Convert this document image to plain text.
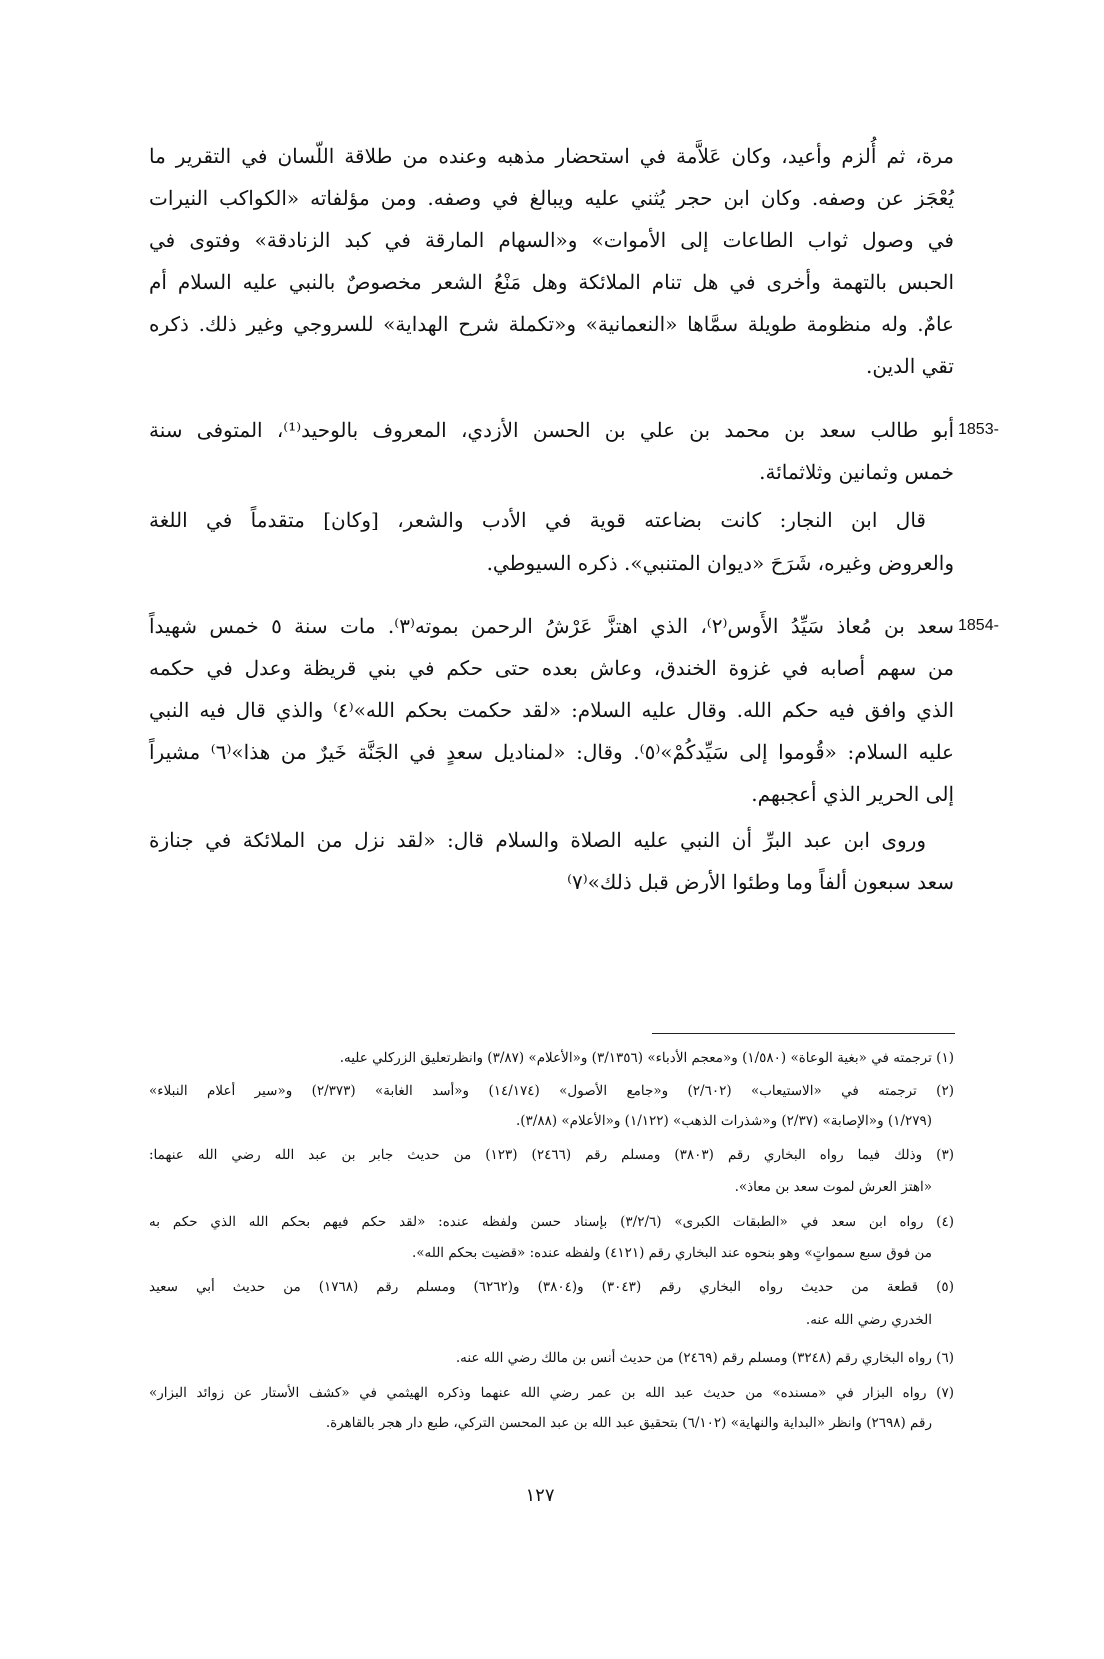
مرة، ثم أُلزم وأعيد، وكان عَلاَّمة في استحضار مذهبه وعنده من طلاقة اللّسان في التقرير ما
يُعْجَز عن وصفه. وكان ابن حجر يُثني عليه ويبالغ في وصفه. ومن مؤلفاته «الكواكب النيرات
في وصول ثواب الطاعات إلى الأموات» و«السهام المارقة في كبد الزنادقة» وفتوى في
الحبس بالتهمة وأخرى في هل تنام الملائكة وهل مَنْعُ الشعر مخصوصٌ بالنبي عليه السلام أم
عامٌ. وله منظومة طويلة سمَّاها «النعمانية» و«تكملة شرح الهداية» للسروجي وغير ذلك. ذكره
تقي الدين.
1853-
أبو طالب سعد بن محمد بن علي بن الحسن الأزدي، المعروف بالوحيد⁽¹⁾، المتوفى سنة
خمس وثمانين وثلاثمائة.
قال ابن النجار: كانت بضاعته قوية في الأدب والشعر، [وكان] متقدماً في اللغة
والعروض وغيره، شَرَحَ «ديوان المتنبي». ذكره السيوطي.
1854-
سعد بن مُعاذ سَيِّدُ الأَوس⁽٢⁾، الذي اهتزَّ عَرْشُ الرحمن بموته⁽٣⁾. مات سنة ٥ خمس شهيداً
من سهم أصابه في غزوة الخندق، وعاش بعده حتى حكم في بني قريظة وعدل في حكمه
الذي وافق فيه حكم الله. وقال عليه السلام: «لقد حكمت بحكم الله»⁽٤⁾ والذي قال فيه النبي
عليه السلام: «قُوموا إلى سَيِّدكُمْ»⁽٥⁾. وقال: «لمناديل سعدٍ في الجَنَّة خَيرٌ من هذا»⁽٦⁾ مشيراً
إلى الحرير الذي أعجبهم.
وروى ابن عبد البرِّ أن النبي عليه الصلاة والسلام قال: «لقد نزل من الملائكة في جنازة
سعد سبعون ألفاً وما وطئوا الأرض قبل ذلك»⁽٧⁾
(١) ترجمته في «بغية الوعاة» (١/٥٨٠) و«معجم الأدباء» (٣/١٣٥٦) و«الأعلام» (٣/٨٧) وانظرتعليق الزركلي عليه.
(٢) ترجمته في «الاستيعاب» (٢/٦٠٢) و«جامع الأصول» (١٤/١٧٤) و«أسد الغابة» (٢/٣٧٣) و«سير أعلام النبلاء»
(١/٢٧٩) و«الإصابة» (٢/٣٧) و«شذرات الذهب» (١/١٢٢) و«الأعلام» (٣/٨٨).
(٣) وذلك فيما رواه البخاري رقم (٣٨٠٣) ومسلم رقم (٢٤٦٦) (١٢٣) من حديث جابر بن عبد الله رضي الله عنهما:
«اهتز العرش لموت سعد بن معاذ».
(٤) رواه ابن سعد في «الطبقات الكبرى» (٣/٢/٦) بإسناد حسن ولفظه عنده: «لقد حكم فيهم بحكم الله الذي حكم به
من فوق سبع سمواتٍ» وهو بنحوه عند البخاري رقم (٤١٢١) ولفظه عنده: «قضيت بحكم الله».
(٥) قطعة من حديث رواه البخاري رقم (٣٠٤٣) و(٣٨٠٤) و(٦٢٦٢) ومسلم رقم (١٧٦٨) من حديث أبي سعيد
الخدري رضي الله عنه.
(٦) رواه البخاري رقم (٣٢٤٨) ومسلم رقم (٢٤٦٩) من حديث أنس بن مالك رضي الله عنه.
(٧) رواه البزار في «مسنده» من حديث عبد الله بن عمر رضي الله عنهما وذكره الهيثمي في «كشف الأستار عن زوائد البزار»
رقم (٢٦٩٨) وانظر «البداية والنهاية» (٦/١٠٢) بتحقيق عبد الله بن عبد المحسن التركي، طبع دار هجر بالقاهرة.
١٢٧
